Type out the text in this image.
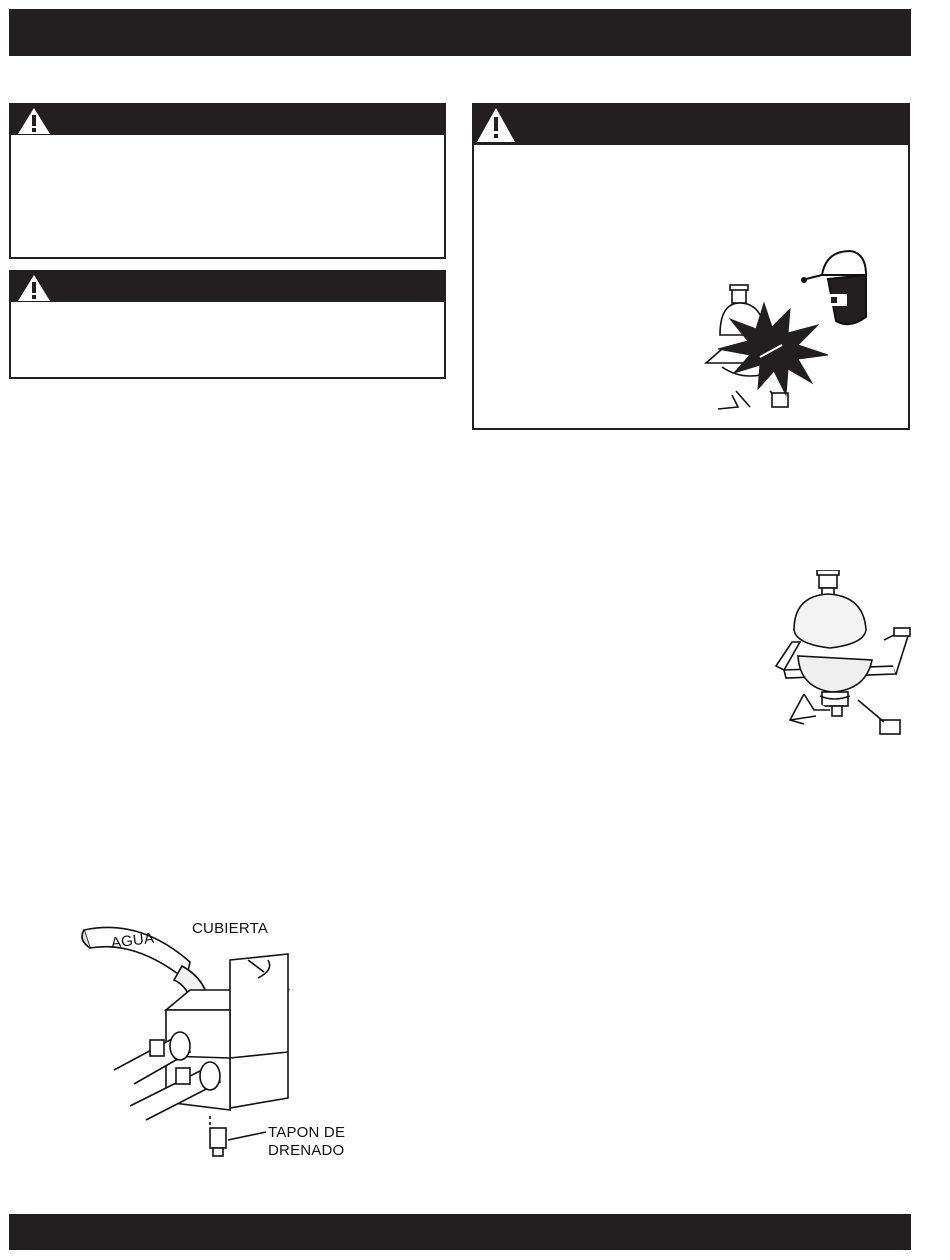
AGUA
CUBIERTA
TAPON DE
DRENADO
